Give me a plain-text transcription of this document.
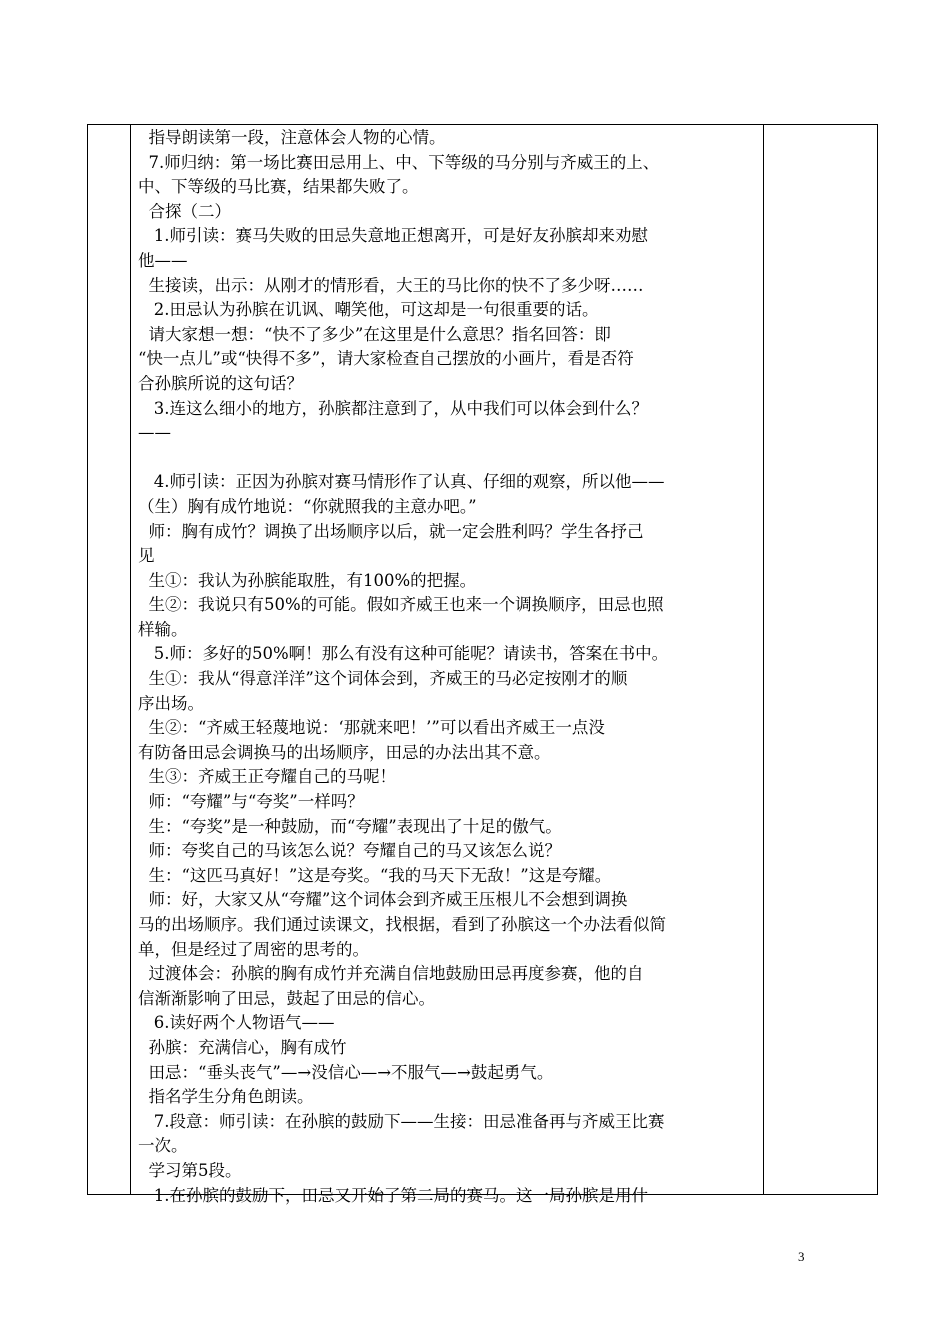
指导朗读第一段，注意体会人物的心情。
7.师归纳：第一场比赛田忌用上、中、下等级的马分别与齐威王的上、
中、下等级的马比赛，结果都失败了。
合探（二）
1.师引读：赛马失败的田忌失意地正想离开，可是好友孙膑却来劝慰
他——
生接读，出示：从刚才的情形看，大王的马比你的快不了多少呀……
2.田忌认为孙膑在讥讽、嘲笑他，可这却是一句很重要的话。
请大家想一想：“快不了多少”在这里是什么意思？指名回答：即
“快一点儿”或“快得不多”，请大家检查自己摆放的小画片，看是否符
合孙膑所说的这句话？
3.连这么细小的地方，孙膑都注意到了，从中我们可以体会到什么？
——

4.师引读：正因为孙膑对赛马情形作了认真、仔细的观察，所以他——
（生）胸有成竹地说：“你就照我的主意办吧。”
师：胸有成竹？调换了出场顺序以后，就一定会胜利吗？学生各抒己
见
生①：我认为孙膑能取胜，有100%的把握。
生②：我说只有50%的可能。假如齐威王也来一个调换顺序，田忌也照
样输。
5.师：多好的50%啊！那么有没有这种可能呢？请读书，答案在书中。
生①：我从“得意洋洋”这个词体会到，齐威王的马必定按刚才的顺
序出场。
生②：“齐威王轻蔑地说：‘那就来吧！’”可以看出齐威王一点没
有防备田忌会调换马的出场顺序，田忌的办法出其不意。
生③：齐威王正夸耀自己的马呢！
师：“夸耀”与“夸奖”一样吗？
生：“夸奖”是一种鼓励，而“夸耀”表现出了十足的傲气。
师：夸奖自己的马该怎么说？夸耀自己的马又该怎么说？
生：“这匹马真好！”这是夸奖。“我的马天下无敌！”这是夸耀。
师：好，大家又从“夸耀”这个词体会到齐威王压根儿不会想到调换
马的出场顺序。我们通过读课文，找根据，看到了孙膑这一个办法看似简
单，但是经过了周密的思考的。
过渡体会：孙膑的胸有成竹并充满自信地鼓励田忌再度参赛，他的自
信渐渐影响了田忌，鼓起了田忌的信心。
6.读好两个人物语气——
孙膑：充满信心，胸有成竹
田忌：“垂头丧气”—→没信心—→不服气—→鼓起勇气。
指名学生分角色朗读。
7.段意：师引读：在孙膑的鼓励下——生接：田忌准备再与齐威王比赛
一次。
学习第5段。
1.在孙膑的鼓励下，田忌又开始了第二局的赛马。这一局孙膑是用什
3
